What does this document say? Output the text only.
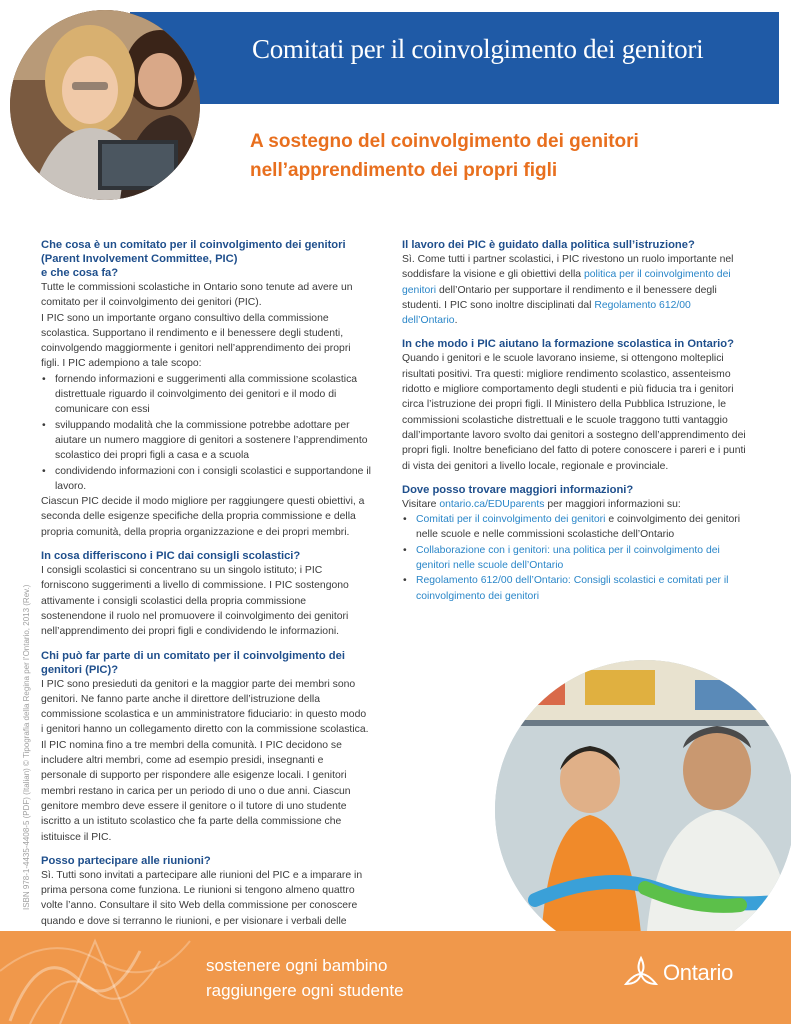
Comitati per il coinvolgimento dei genitori
A sostegno del coinvolgimento dei genitori
nell’apprendimento dei propri figli
Che cosa è un comitato per il coinvolgimento dei genitori (Parent Involvement Committee, PIC)
e che cosa fa?

Tutte le commissioni scolastiche in Ontario sono tenute ad avere un comitato per il coinvolgimento dei genitori (PIC).

I PIC sono un importante organo consultivo della commissione scolastica. Supportano il rendimento e il benessere degli studenti, coinvolgendo maggiormente i genitori nell’apprendimento dei propri figli. I PIC adempiono a tale scopo:

• fornendo informazioni e suggerimenti alla commissione scolastica distrettuale riguardo il coinvolgimento dei genitori e il modo di comunicare con essi
• sviluppando modalità che la commissione potrebbe adottare per aiutare un numero maggiore di genitori a sostenere l’apprendimento scolastico dei propri figli a casa e a scuola
• condividendo informazioni con i consigli scolastici e supportandone il lavoro.

Ciascun PIC decide il modo migliore per raggiungere questi obiettivi, a seconda delle esigenze specifiche della propria commissione e della propria comunità, della propria organizzazione e dei propri membri.

In cosa differiscono i PIC dai consigli scolastici?

I consigli scolastici si concentrano su un singolo istituto; i PIC forniscono suggerimenti a livello di commissione. I PIC sostengono attivamente i consigli scolastici della propria commissione sostenendone il ruolo nel promuovere il coinvolgimento dei genitori nell’apprendimento dei propri figli e condividendo le informazioni.

Chi può far parte di un comitato per il coinvolgimento dei genitori (PIC)?

I PIC sono presieduti da genitori e la maggior parte dei membri sono genitori. Ne fanno parte anche il direttore dell’istruzione della commissione scolastica e un amministratore fiduciario: in questo modo i genitori hanno un collegamento diretto con la commissione scolastica. Il PIC nomina fino a tre membri della comunità. I PIC decidono se includere altri membri, come ad esempio presidi, insegnanti e personale di supporto per rispondere alle esigenze locali. I genitori membri restano in carica per un periodo di uno o due anni. Ciascun genitore membro deve essere il genitore o il tutore di uno studente iscritto a un istituto scolastico che fa parte della commissione che istituisce il PIC.

Posso partecipare alle riunioni?

Sì. Tutti sono invitati a partecipare alle riunioni del PIC e a imparare in prima persona come funziona. Le riunioni si tengono almeno quattro volte l’anno. Consultare il sito Web della commissione per conoscere quando e dove si terranno le riunioni, e per visionare i verbali delle

Il lavoro dei PIC è guidato dalla politica sull’istruzione?

Sì. Come tutti i partner scolastici, i PIC rivestono un ruolo importante nel soddisfare la visione e gli obiettivi della politica per il coinvolgimento dei genitori dell’Ontario per supportare il rendimento e il benessere degli studenti. I PIC sono inoltre disciplinati dal Regolamento 612/00 dell’Ontario.

In che modo i PIC aiutano la formazione scolastica in Ontario?

Quando i genitori e le scuole lavorano insieme, si ottengono molteplici risultati positivi. Tra questi: migliore rendimento scolastico, assenteismo ridotto e migliore comportamento degli studenti e più fiducia tra i genitori circa l’istruzione dei propri figli. Il Ministero della Pubblica Istruzione, le commissioni scolastiche distrettuali e le scuole traggono tutti vantaggio dall’importante lavoro svolto dai genitori a sostegno dell’apprendimento dei propri figli. Inoltre beneficiano del fatto di potere conoscere i pareri e i punti di vista dei genitori a livello locale, regionale e provinciale.

Dove posso trovare maggiori informazioni?

Visitare ontario.ca/EDUparents per maggiori informazioni su:

• Comitati per il coinvolgimento dei genitori e coinvolgimento dei genitori nelle scuole e nelle commissioni scolastiche dell’Ontario
• Collaborazione con i genitori: una politica per il coinvolgimento dei genitori nelle scuole dell’Ontario
• Regolamento 612/00 dell’Ontario: Consigli scolastici e comitati per il coinvolgimento dei genitori
ISBN 978-1-4435-4408-5 (PDF) (Italian) © Tipografia della Regina per l’Ontario, 2013 (Rev.)
sostenere ogni bambino
raggiungere ogni studente
Ontario
